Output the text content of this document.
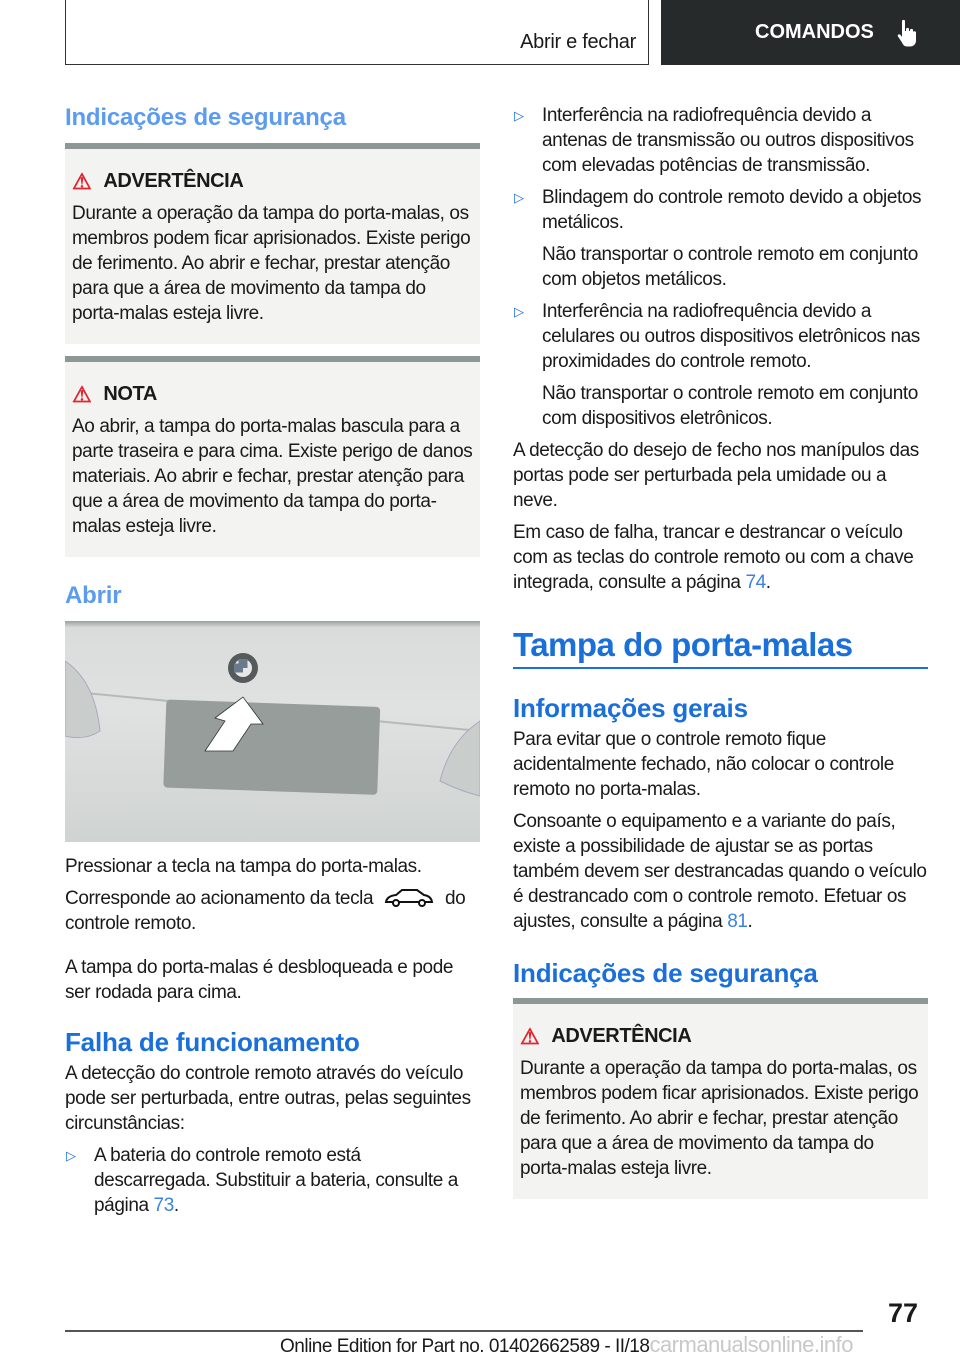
Abrir e fechar	COMANDOS
Indicações de segurança
⚠ ADVERTÊNCIA
Durante a operação da tampa do porta-malas, os membros podem ficar aprisionados. Existe perigo de ferimento. Ao abrir e fechar, prestar atenção para que a área de movimento da tampa do porta-malas esteja livre.
⚠ NOTA
Ao abrir, a tampa do porta-malas bascula para a parte traseira e para cima. Existe perigo de danos materiais. Ao abrir e fechar, prestar atenção para que a área de movimento da tampa do porta-malas esteja livre.
Abrir
Pressionar a tecla na tampa do porta-malas.
Corresponde ao acionamento da tecla	do controle remoto.
A tampa do porta-malas é desbloqueada e pode ser rodada para cima.
Falha de funcionamento
A detecção do controle remoto através do veículo pode ser perturbada, entre outras, pelas seguintes circunstâncias:
▷ A bateria do controle remoto está descarregada. Substituir a bateria, consulte a página 73.
▷ Interferência na radiofrequência devido a antenas de transmissão ou outros dispositivos com elevadas potências de transmissão.
▷ Blindagem do controle remoto devido a objetos metálicos.
Não transportar o controle remoto em conjunto com objetos metálicos.
▷ Interferência na radiofrequência devido a celulares ou outros dispositivos eletrônicos nas proximidades do controle remoto.
Não transportar o controle remoto em conjunto com dispositivos eletrônicos.
A detecção do desejo de fecho nos manípulos das portas pode ser perturbada pela umidade ou a neve.
Em caso de falha, trancar e destrancar o veículo com as teclas do controle remoto ou com a chave integrada, consulte a página 74.
Tampa do porta-malas
Informações gerais
Para evitar que o controle remoto fique acidentalmente fechado, não colocar o controle remoto no porta-malas.
Consoante o equipamento e a variante do país, existe a possibilidade de ajustar se as portas também devem ser destrancadas quando o veículo é destrancado com o controle remoto. Efetuar os ajustes, consulte a página 81.
Indicações de segurança
⚠ ADVERTÊNCIA
Durante a operação da tampa do porta-malas, os membros podem ficar aprisionados. Existe perigo de ferimento. Ao abrir e fechar, prestar atenção para que a área de movimento da tampa do porta-malas esteja livre.
77
Online Edition for Part no. 01402662589 - II/18carmanualsonline.info
